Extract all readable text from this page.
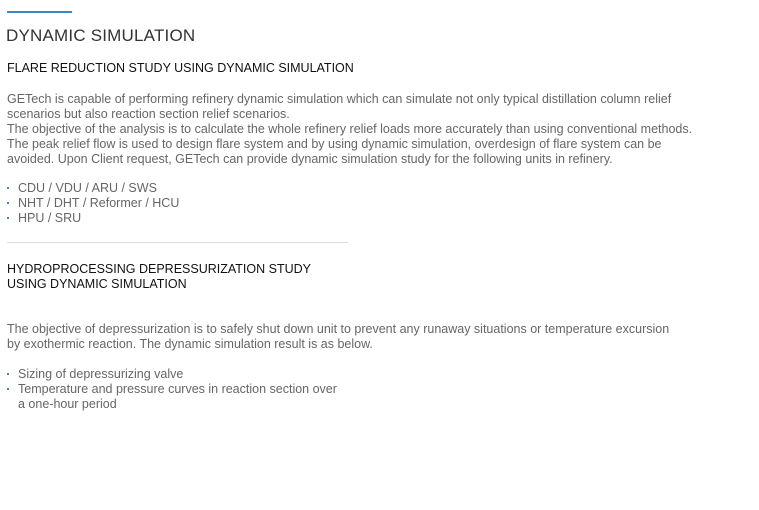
DYNAMIC SIMULATION
FLARE REDUCTION STUDY USING DYNAMIC SIMULATION

GETech is capable of performing refinery dynamic simulation which can simulate not only typical distillation column relief

scenarios but also reaction section relief scenarios.

The objective of the analysis is to calculate the whole refinery relief loads more accurately than using conventional methods.

The peak relief flow is used to design flare system and by using dynamic simulation, overdesign of flare system can be

avoided. Upon Client request, GETech can provide dynamic simulation study for the following units in refinery.

CDU / VDU / ARU / SWS
NHT / DHT / Reformer / HCU
HPU / SRU
HYDROPROCESSING DEPRESSURIZATION STUDY
USING DYNAMIC SIMULATION

The objective of depressurization is to safely shut down unit to prevent any runaway situations or temperature excursion

by exothermic reaction. The dynamic simulation result is as below.

Sizing of depressurizing valve
Temperature and pressure curves in reaction section over
a one-hour period
